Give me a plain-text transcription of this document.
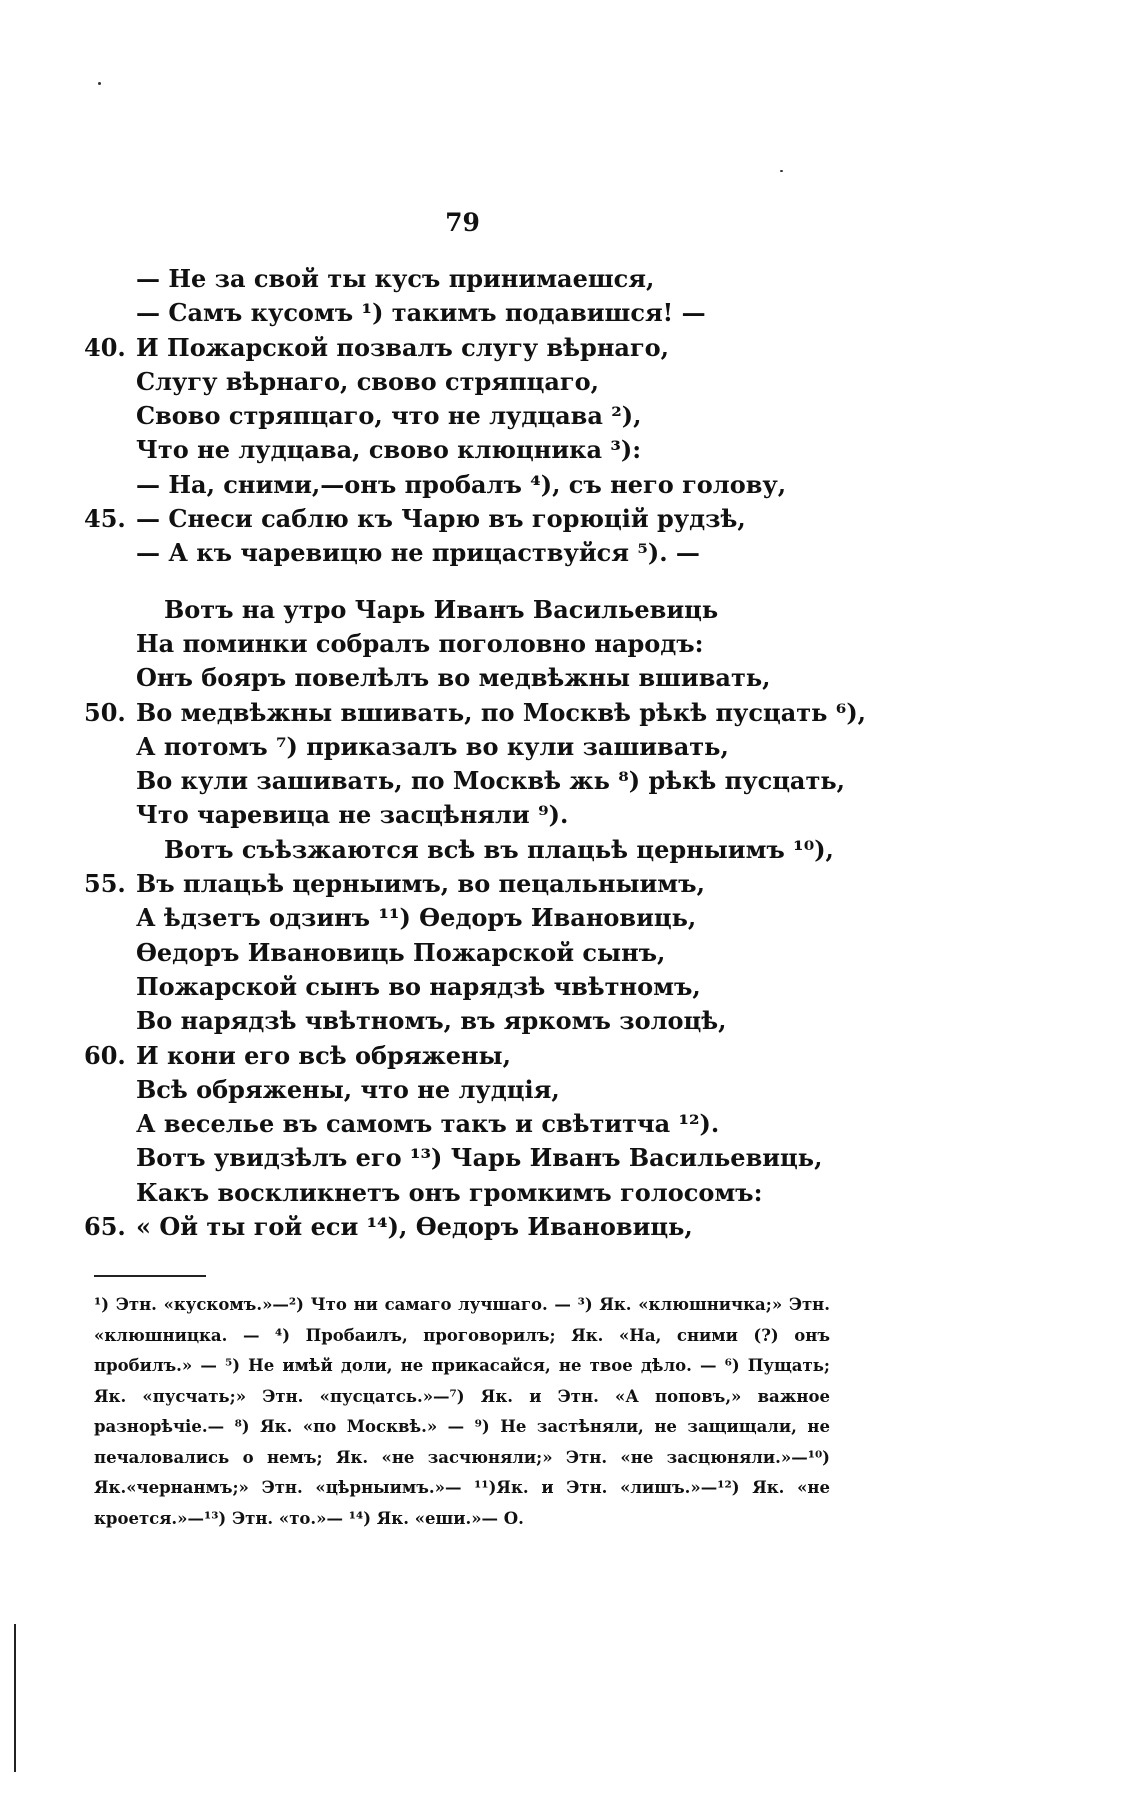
79
— Не за свой ты кусъ принимаешся,
— Самъ кусомъ ¹) такимъ подавишся! —
40. И Пожарской позвалъ слугу вѣрнаго,
Слугу вѣрнаго, свово стряпцаго,
Свово стряпцаго, что не лудцава ²),
Что не лудцава, свово клюцника ³):
— На, сними,—онъ пробалъ ⁴), съ него голову,
45. — Снеси саблю къ Чарю въ горюцій рудзѣ,
— А къ чаревицю не прицаствуйся ⁵). —
Вотъ на утро Чарь Иванъ Васильевиць
На поминки собралъ поголовно народъ:
Онъ бояръ повелѣлъ во медвѣжны вшивать,
50. Во медвѣжны вшивать, по Москвѣ рѣкѣ пусцать ⁶),
А потомъ ⁷) приказалъ во кули зашивать,
Во кули зашивать, по Москвѣ жь ⁸) рѣкѣ пусцать,
Что чаревица не засцѣняли ⁹).
Вотъ съѣзжаются всѣ въ плацьѣ церныимъ ¹⁰),
55. Въ плацьѣ церныимъ, во пецальныимъ,
А ѣдзетъ одзинъ ¹¹) Ѳедоръ Ивановиць,
Ѳедоръ Ивановиць Пожарской сынъ,
Пожарской сынъ во нарядзѣ чвѣтномъ,
Во нарядзѣ чвѣтномъ, въ яркомъ золоцѣ,
60. И кони его всѣ обряжены,
Всѣ обряжены, что не лудція,
А веселье въ самомъ такъ и свѣтитча ¹²).
Вотъ увидзѣлъ его ¹³) Чарь Иванъ Васильевиць,
Какъ воскликнетъ онъ громкимъ голосомъ:
65. « Ой ты гой еси ¹⁴), Ѳедоръ Ивановиць,
¹) Этн. «кускомъ.»—²) Что ни самаго лучшаго. — ³) Як. «клюшничка;» Этн. «клюшницка. — ⁴) Пробаилъ, проговорилъ; Як. «На, сними (?) онъ пробилъ.» — ⁵) Не имѣй доли, не прикасайся, не твое дѣло. — ⁶) Пущать; Як. «пусчать;» Этн. «пусцатсь.»—⁷) Як. и Этн. «А поповъ,» важное разнорѣчіе.— ⁸) Як. «по Москвѣ.» — ⁹) Не застѣняли, не защищали, не печаловались о немъ; Як. «не засчюняли;» Этн. «не засцюняли.»—¹⁰) Як.«чернанмъ;» Этн. «цѣрныимъ.»— ¹¹)Як. и Этн. «лишъ.»—¹²) Як. «не кроется.»—¹³) Этн. «то.»— ¹⁴) Як. «еши.»— О.
